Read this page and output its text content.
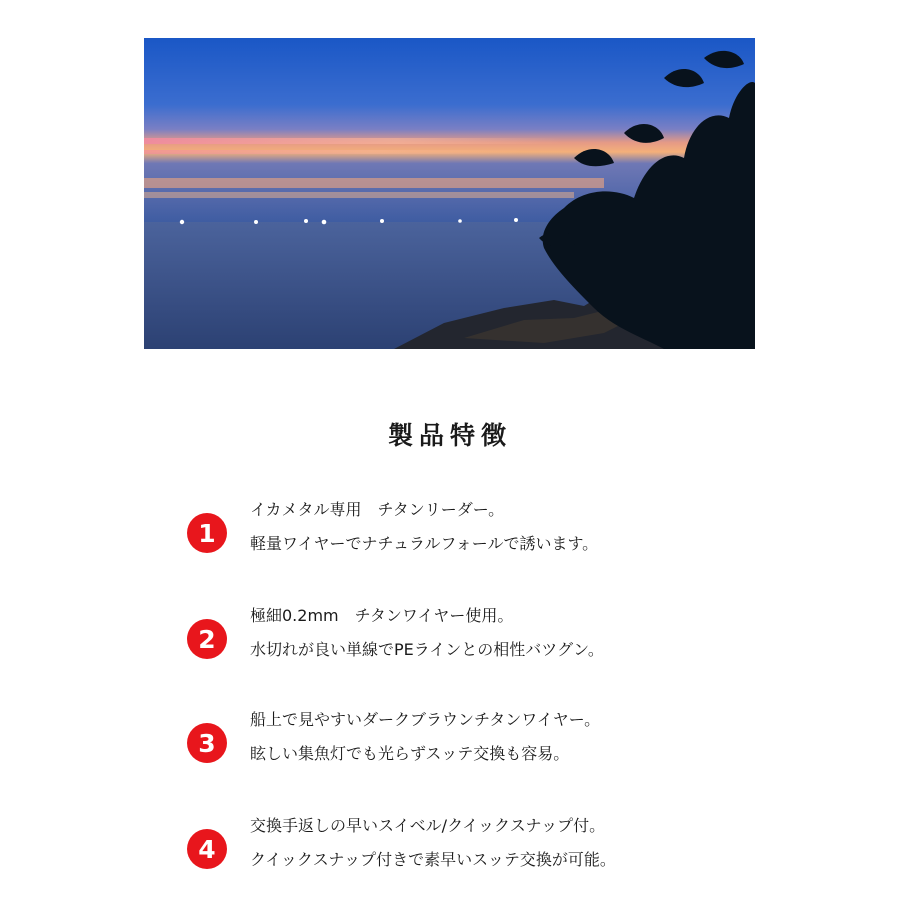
製品特徴
1
イカメタル専用　チタンリーダー。
軽量ワイヤーでナチュラルフォールで誘います。
2
極細0.2mm　チタンワイヤー使用。
水切れが良い単線でPEラインとの相性バツグン。
3
船上で見やすいダークブラウンチタンワイヤー。
眩しい集魚灯でも光らずスッテ交換も容易。
4
交換手返しの早いスイベル/クイックスナップ付。
クイックスナップ付きで素早いスッテ交換が可能。
